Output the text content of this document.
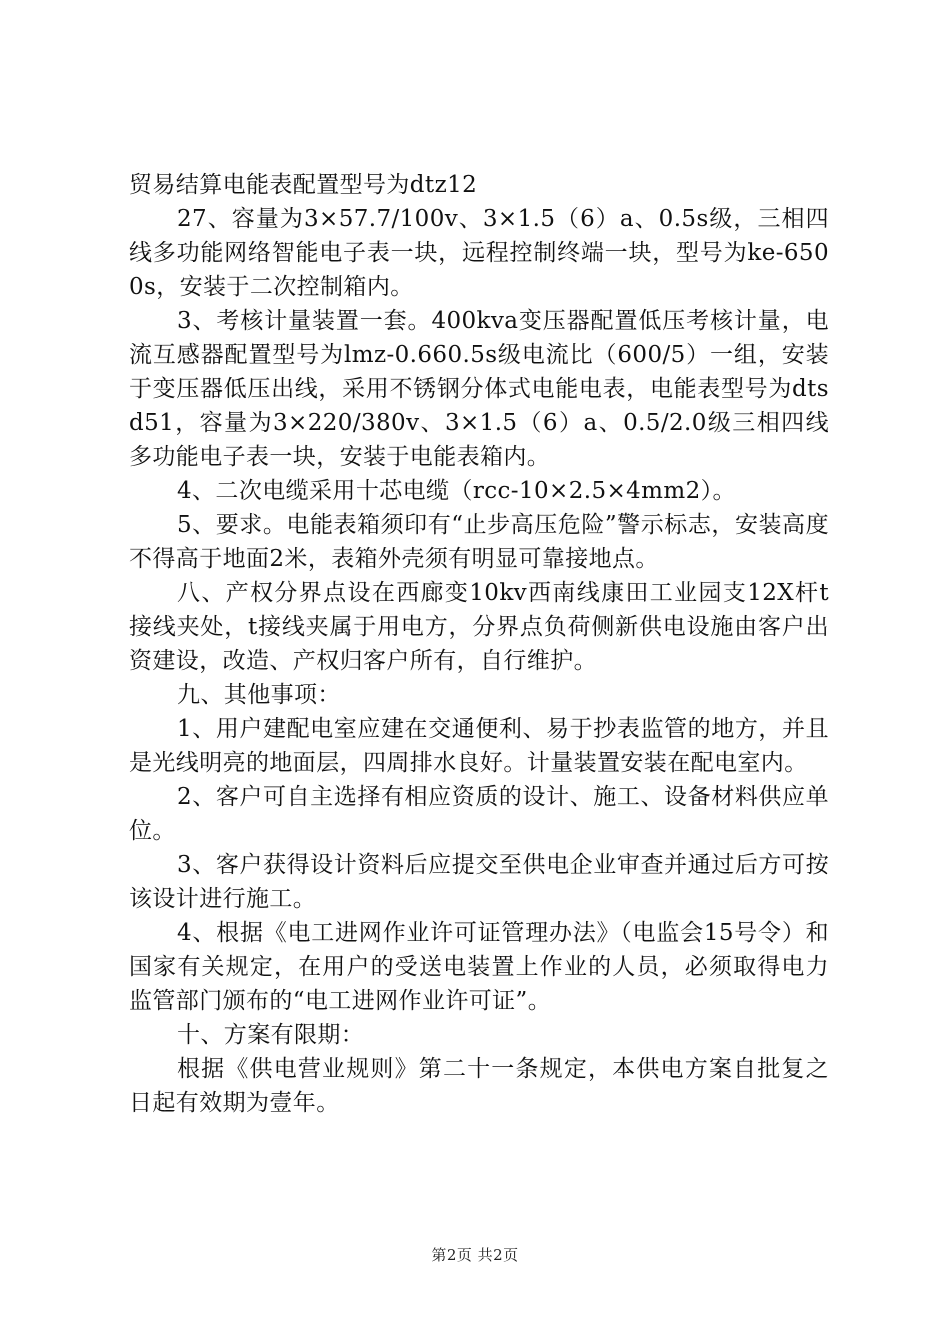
贸易结算电能表配置型号为dtz12

27、容量为3×57.7/100v、3×1.5（6）a、0.5s级，三相四线多功能网络智能电子表一块，远程控制终端一块，型号为ke-6500s，安装于二次控制箱内。

3、考核计量装置一套。400kva变压器配置低压考核计量，电流互感器配置型号为lmz-0.660.5s级电流比（600/5）一组，安装于变压器低压出线，采用不锈钢分体式电能电表，电能表型号为dtsd51，容量为3×220/380v、3×1.5（6）a、0.5/2.0级三相四线多功能电子表一块，安装于电能表箱内。

4、二次电缆采用十芯电缆（rcc-10×2.5×4mm2）。

5、要求。电能表箱须印有“止步高压危险”警示标志，安装高度不得高于地面2米，表箱外壳须有明显可靠接地点。

八、产权分界点设在西廊变10kv西南线康田工业园支12X杆t接线夹处，t接线夹属于用电方，分界点负荷侧新供电设施由客户出资建设，改造、产权归客户所有，自行维护。

九、其他事项：

1、用户建配电室应建在交通便利、易于抄表监管的地方，并且是光线明亮的地面层，四周排水良好。计量装置安装在配电室内。

2、客户可自主选择有相应资质的设计、施工、设备材料供应单位。

3、客户获得设计资料后应提交至供电企业审查并通过后方可按该设计进行施工。

4、根据《电工进网作业许可证管理办法》（电监会15号令）和国家有关规定，在用户的受送电装置上作业的人员，必须取得电力监管部门颁布的“电工进网作业许可证”。

十、方案有限期：

根据《供电营业规则》第二十一条规定，本供电方案自批复之日起有效期为壹年。

第2页 共2页
